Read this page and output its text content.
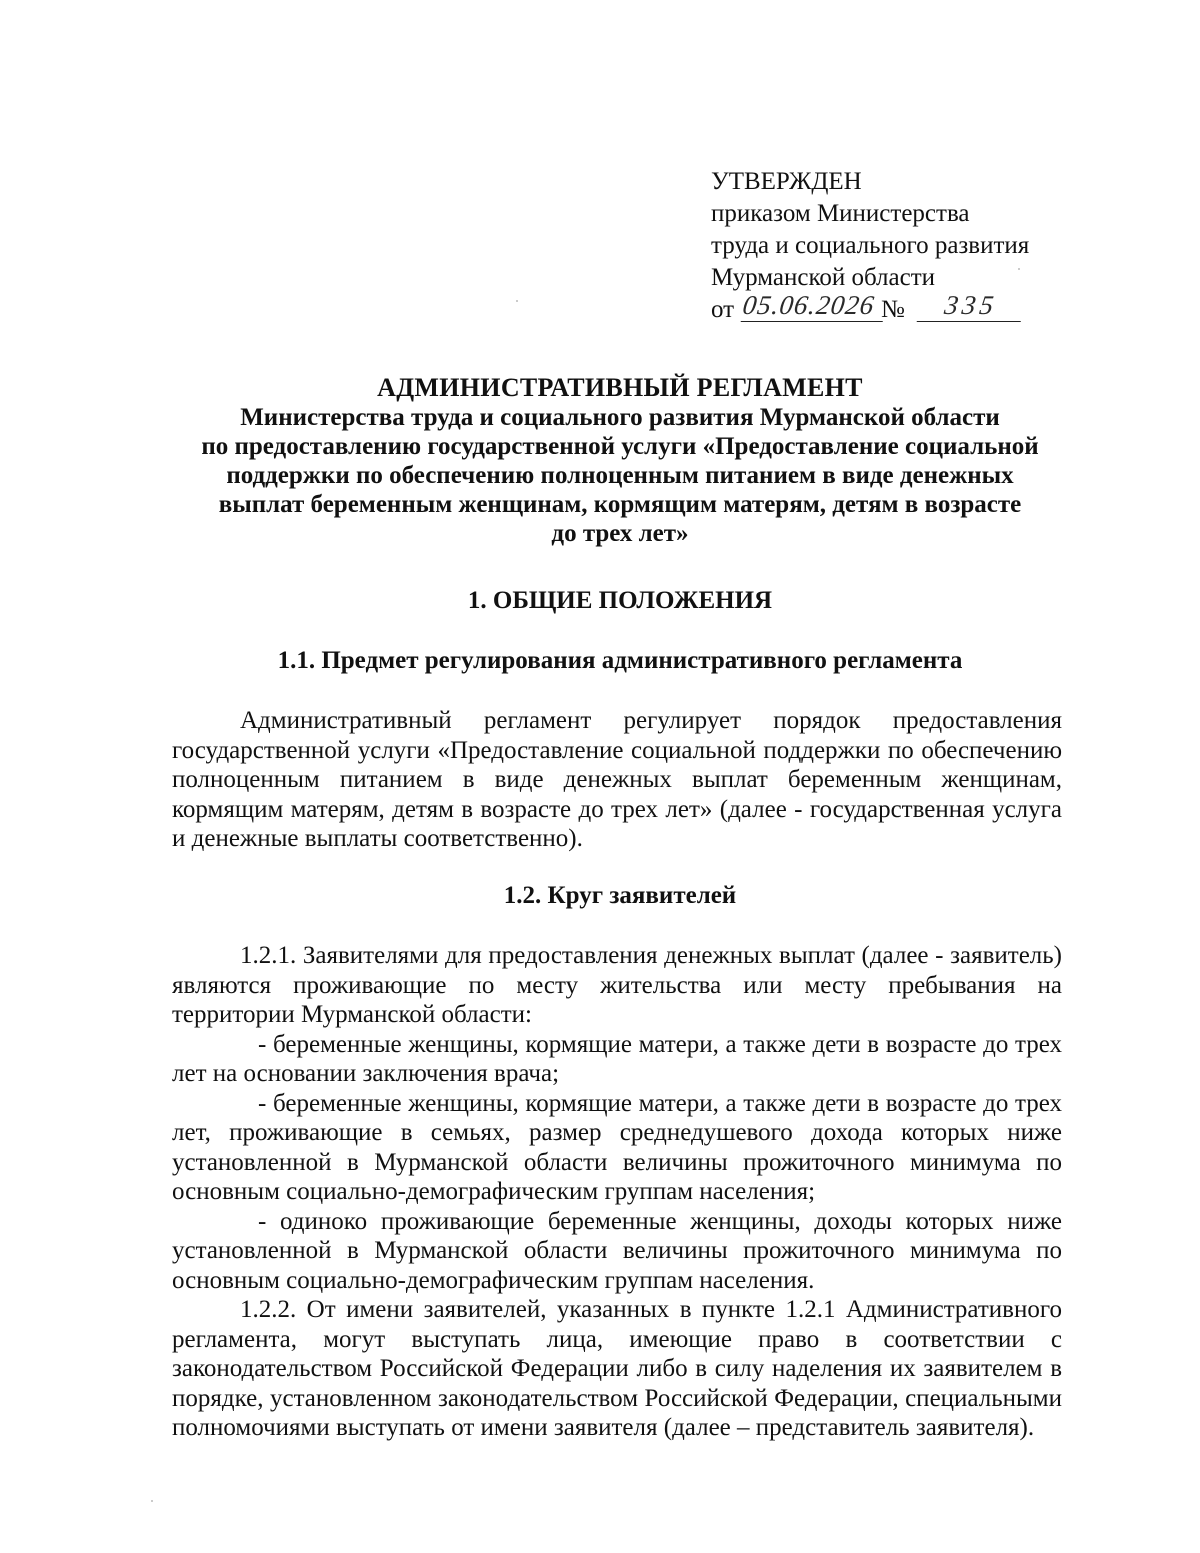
УТВЕРЖДЕН
приказом Министерства
труда и социального развития
Мурманской области
от 05.06.2026 №	335
АДМИНИСТРАТИВНЫЙ РЕГЛАМЕНТ
Министерства труда и социального развития Мурманской области
по предоставлению государственной услуги «Предоставление социальной
поддержки по обеспечению полноценным питанием в виде денежных
выплат беременным женщинам, кормящим матерям, детям в возрасте
до трех лет»
1. ОБЩИЕ ПОЛОЖЕНИЯ
1.1. Предмет регулирования административного регламента

Административный регламент регулирует порядок предоставления государственной услуги «Предоставление социальной поддержки по обеспечению полноценным питанием в виде денежных выплат беременным женщинам, кормящим матерям, детям в возрасте до трех лет» (далее - государственная услуга и денежные выплаты соответственно).

1.2. Круг заявителей

1.2.1. Заявителями для предоставления денежных выплат (далее - заявитель) являются проживающие по месту жительства или месту пребывания на территории Мурманской области:

- беременные женщины, кормящие матери, а также дети в возрасте до трех лет на основании заключения врача;

- беременные женщины, кормящие матери, а также дети в возрасте до трех лет, проживающие в семьях, размер среднедушевого дохода которых ниже установленной в Мурманской области величины прожиточного минимума по основным социально-демографическим группам населения;

- одиноко проживающие беременные женщины, доходы которых ниже установленной в Мурманской области величины прожиточного минимума по основным социально-демографическим группам населения.

1.2.2. От имени заявителей, указанных в пункте 1.2.1 Административного регламента, могут выступать лица, имеющие право в соответствии с законодательством Российской Федерации либо в силу наделения их заявителем в порядке, установленном законодательством Российской Федерации, специальными полномочиями выступать от имени заявителя (далее – представитель заявителя).
